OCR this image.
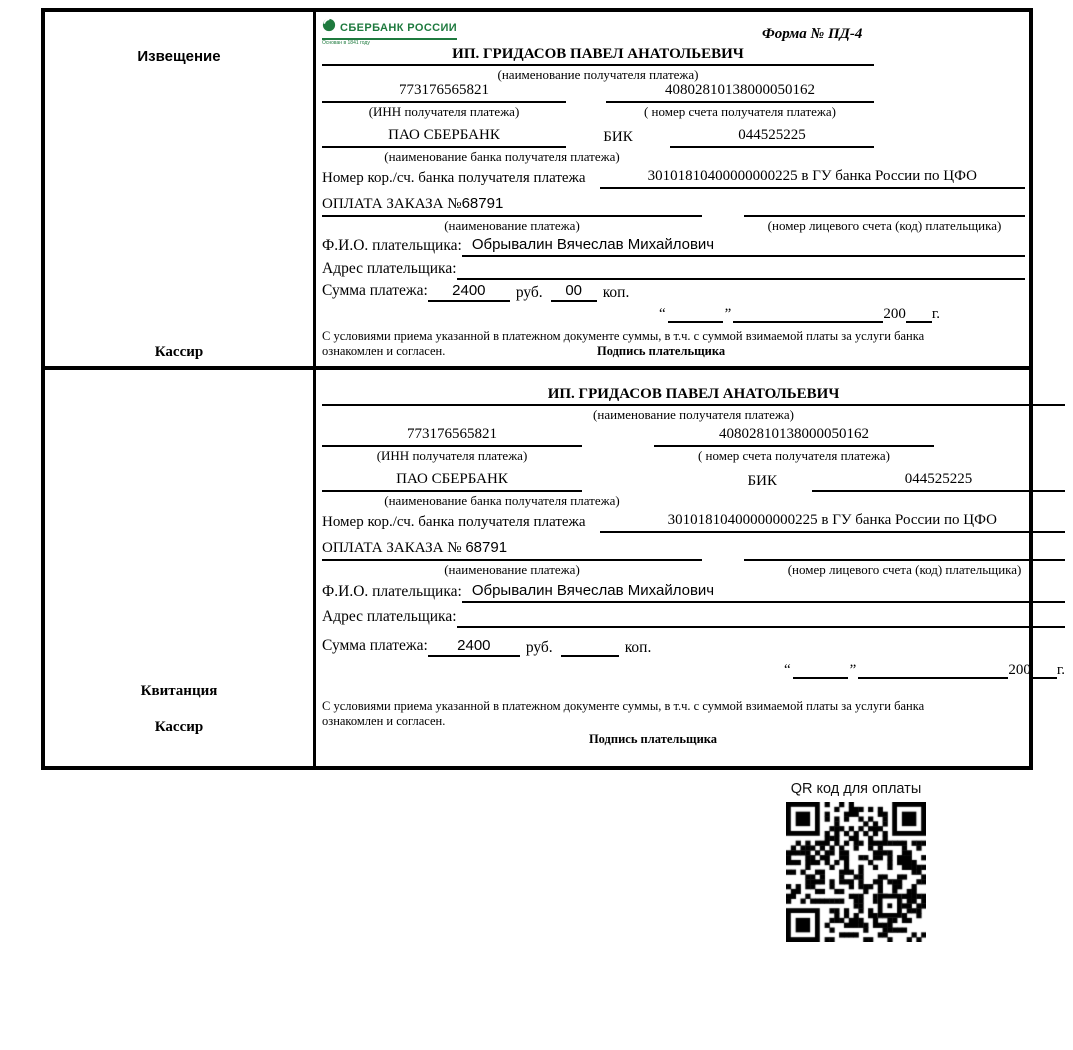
Извещение
Кассир
СБЕРБАНК РОССИИ
Основан в 1841 году
Форма № ПД-4
ИП. ГРИДАСОВ ПАВЕЛ АНАТОЛЬЕВИЧ
(наименование получателя платежа)
773176565821
(ИНН получателя платежа)
40802810138000050162
( номер счета получателя платежа)
ПАО СБЕРБАНК	БИК	044525225
(наименование банка получателя платежа)
Номер кор./сч. банка получателя платежа	30101810400000000225 в ГУ банка России по ЦФО
ОПЛАТА ЗАКАЗА №68791
(наименование платежа)	(номер лицевого счета (код) плательщика)
Ф.И.О. плательщика: Обрывалин Вячеслав Михайлович
Адрес плательщика:
Сумма платежа:	2400	руб.	00	коп.
“	”	200 г.
С условиями приема указанной в платежном документе суммы, в т.ч. с суммой взимаемой платы за услуги банка
ознакомлен и согласен.	Подпись плательщика
Квитанция
Кассир
ИП. ГРИДАСОВ ПАВЕЛ АНАТОЛЬЕВИЧ
(наименование получателя платежа)
773176565821
(ИНН получателя платежа)
40802810138000050162
( номер счета получателя платежа)
ПАО СБЕРБАНК	БИК	044525225
(наименование банка получателя платежа)
Номер кор./сч. банка получателя платежа	30101810400000000225 в ГУ банка России по ЦФО
ОПЛАТА ЗАКАЗА № 68791
(наименование платежа)	(номер лицевого счета (код) плательщика)
Ф.И.О. плательщика: Обрывалин Вячеслав Михайлович
Адрес плательщика:
Сумма платежа:	2400	руб.	коп.
“	”	200 г.
С условиями приема указанной в платежном документе суммы, в т.ч. с суммой взимаемой платы за услуги банка
ознакомлен и согласен.
Подпись плательщика
QR код для оплаты
